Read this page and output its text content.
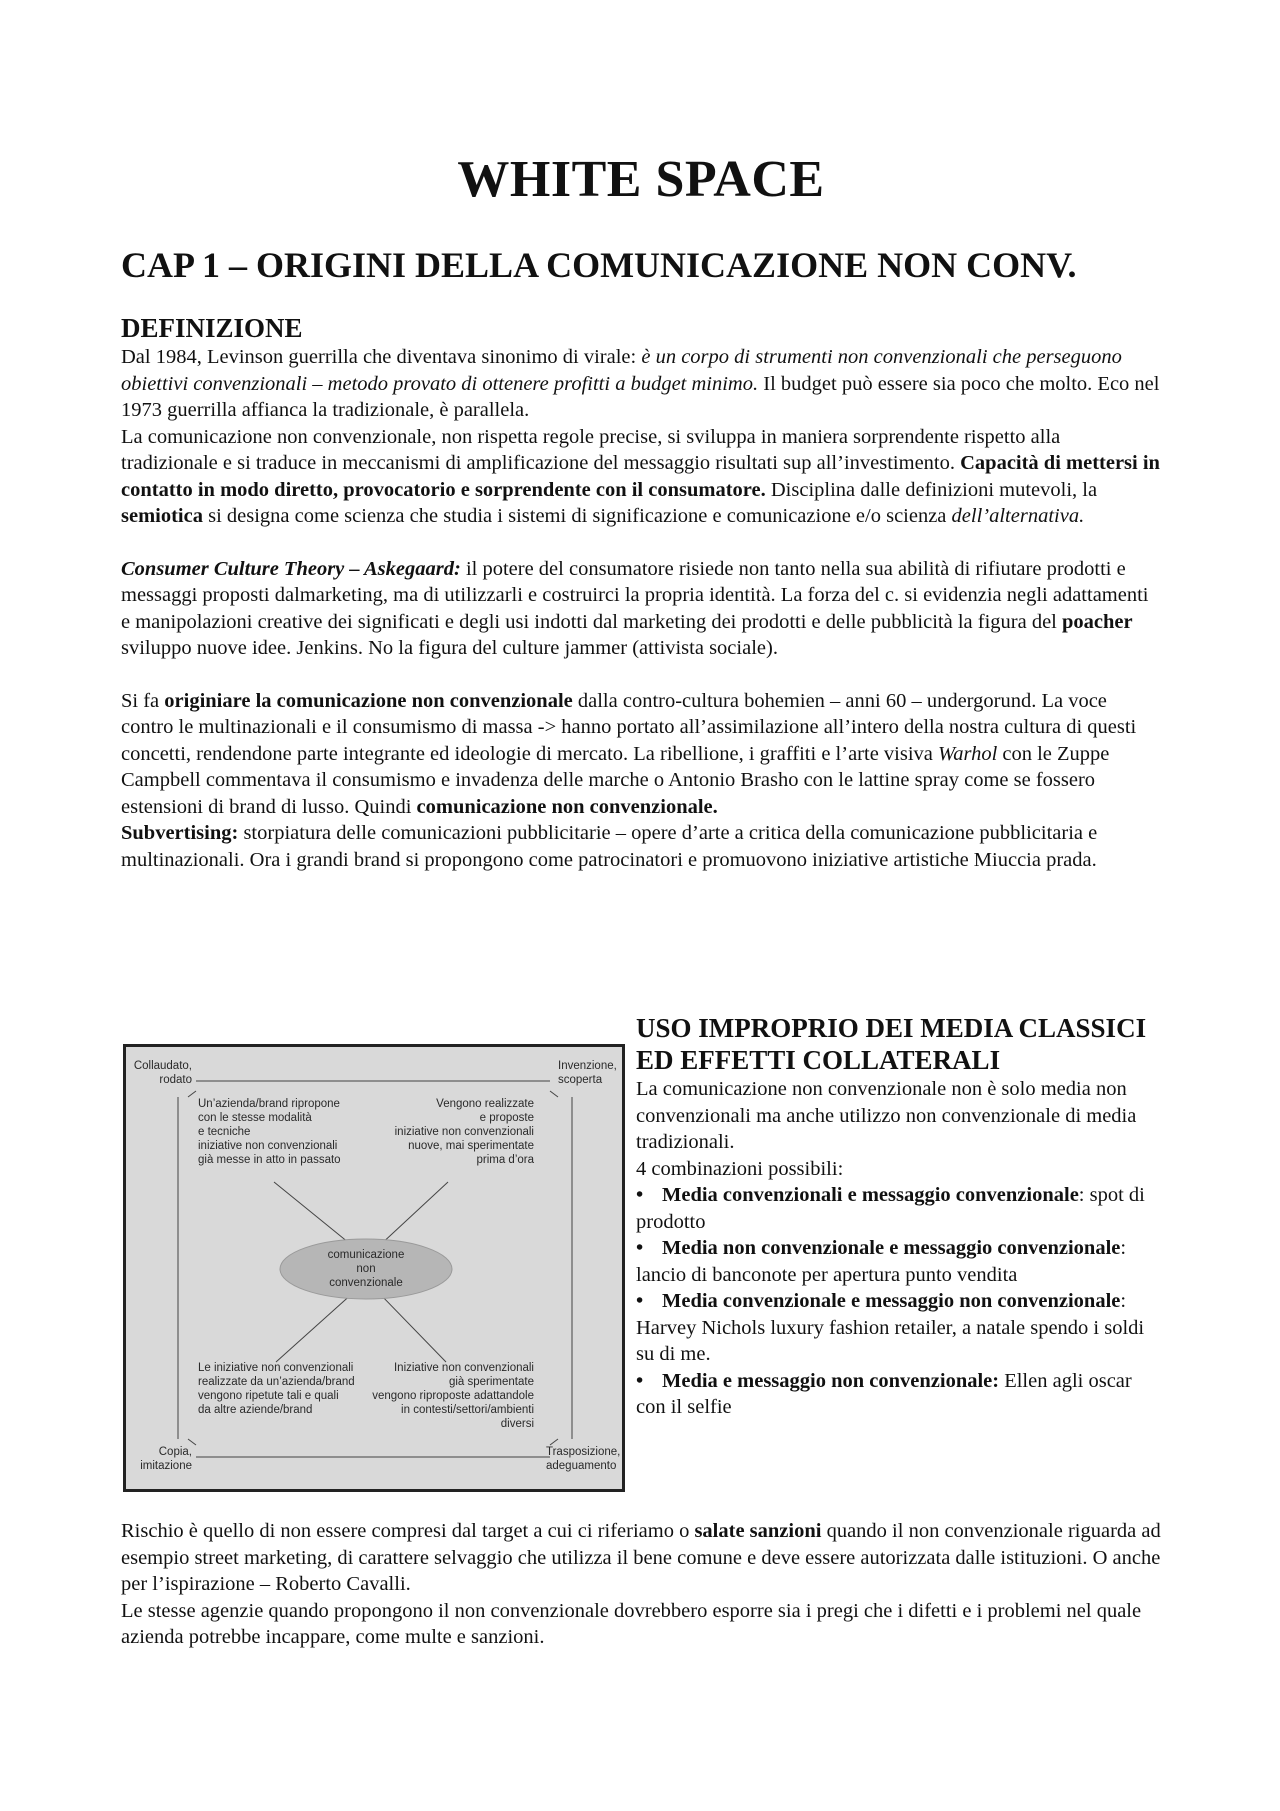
WHITE SPACE
CAP 1 – ORIGINI DELLA COMUNICAZIONE NON CONV.
DEFINIZIONE

Dal 1984, Levinson guerrilla che diventava sinonimo di virale: è un corpo di strumenti non convenzionali che perseguono obiettivi convenzionali – metodo provato di ottenere profitti a budget minimo. Il budget può essere sia poco che molto. Eco nel 1973 guerrilla affianca la tradizionale, è parallela.

La comunicazione non convenzionale, non rispetta regole precise, si sviluppa in maniera sorprendente rispetto alla tradizionale e si traduce in meccanismi di amplificazione del messaggio risultati sup all’investimento. Capacità di mettersi in contatto in modo diretto, provocatorio e sorprendente con il consumatore. Disciplina dalle definizioni mutevoli, la semiotica si designa come scienza che studia i sistemi di significazione e comunicazione e/o scienza dell’alternativa.

Consumer Culture Theory – Askegaard: il potere del consumatore risiede non tanto nella sua abilità di rifiutare prodotti e messaggi proposti dalmarketing, ma di utilizzarli e costruirci la propria identità. La forza del c. si evidenzia negli adattamenti e manipolazioni creative dei significati e degli usi indotti dal marketing dei prodotti e delle pubblicità la figura del poacher sviluppo nuove idee. Jenkins. No la figura del culture jammer (attivista sociale).

Si fa originiare la comunicazione non convenzionale dalla contro-cultura bohemien – anni 60 – undergorund. La voce contro le multinazionali e il consumismo di massa -> hanno portato all’assimilazione all’intero della nostra cultura di questi concetti, rendendone parte integrante ed ideologie di mercato. La ribellione, i graffiti e l’arte visiva Warhol con le Zuppe Campbell commentava il consumismo e invadenza delle marche o Antonio Brasho con le lattine spray come se fossero estensioni di brand di lusso. Quindi comunicazione non convenzionale.

Subvertising: storpiatura delle comunicazioni pubblicitarie – opere d’arte a critica della comunicazione pubblicitaria e multinazionali. Ora i grandi brand si propongono come patrocinatori e promuovono iniziative artistiche Miuccia prada.

Collaudato,
rodato
Invenzione,
scoperta
Copia,
imitazione
Trasposizione,
adeguamento
Un’azienda/brand ripropone
con le stesse modalità
e tecniche
iniziative non convenzionali
già messe in atto in passato
Vengono realizzate
e proposte
iniziative non convenzionali
nuove, mai sperimentate
prima d’ora
Le iniziative non convenzionali
realizzate da un’azienda/brand
vengono ripetute tali e quali
da altre aziende/brand
Iniziative non convenzionali
già sperimentate
vengono riproposte adattandole
in contesti/settori/ambienti
diversi
comunicazione
non
convenzionale
USO IMPROPRIO DEI MEDIA CLASSICI ED EFFETTI COLLATERALI

La comunicazione non convenzionale non è solo media non convenzionali ma anche utilizzo non convenzionale di media tradizionali.

4 combinazioni possibili:

• Media convenzionali e messaggio convenzionale: spot di prodotto

• Media non convenzionale e messaggio convenzionale: lancio di banconote per apertura punto vendita

• Media convenzionale e messaggio non convenzionale: Harvey Nichols luxury fashion retailer, a natale spendo i soldi su di me.

• Media e messaggio non convenzionale: Ellen agli oscar con il selfie

Rischio è quello di non essere compresi dal target a cui ci riferiamo o salate sanzioni quando il non convenzionale riguarda ad esempio street marketing, di carattere selvaggio che utilizza il bene comune e deve essere autorizzata dalle istituzioni. O anche per l’ispirazione – Roberto Cavalli.

Le stesse agenzie quando propongono il non convenzionale dovrebbero esporre sia i pregi che i difetti e i problemi nel quale azienda potrebbe incappare, come multe e sanzioni.
